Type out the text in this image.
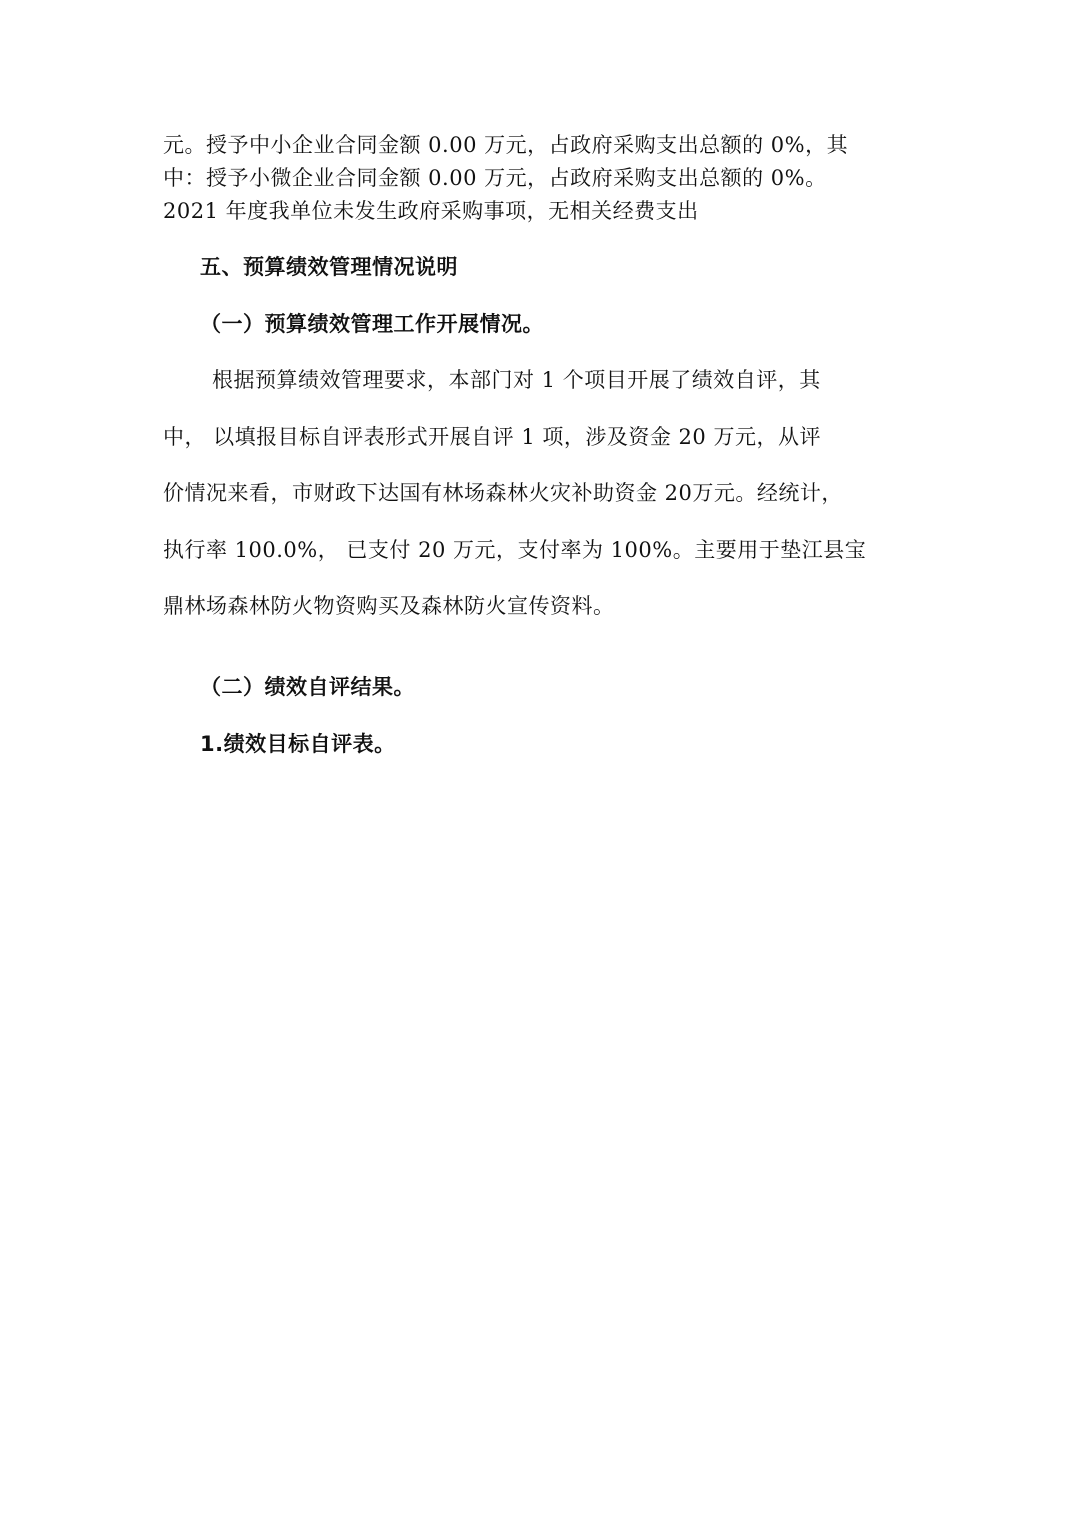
元。授予中小企业合同金额 0.00 万元，占政府采购支出总额的 0%，其
中：授予小微企业合同金额 0.00 万元，占政府采购支出总额的 0%。
2021 年度我单位未发生政府采购事项，无相关经费支出
五、预算绩效管理情况说明
（一）预算绩效管理工作开展情况。
根据预算绩效管理要求，本部门对 1 个项目开展了绩效自评，其
中， 以填报目标自评表形式开展自评 1 项，涉及资金 20 万元，从评
价情况来看，市财政下达国有林场森林火灾补助资金 20万元。经统计，
执行率 100.0%， 已支付 20 万元，支付率为 100%。主要用于垫江县宝
鼎林场森林防火物资购买及森林防火宣传资料。
（二）绩效自评结果。
1.绩效目标自评表。
